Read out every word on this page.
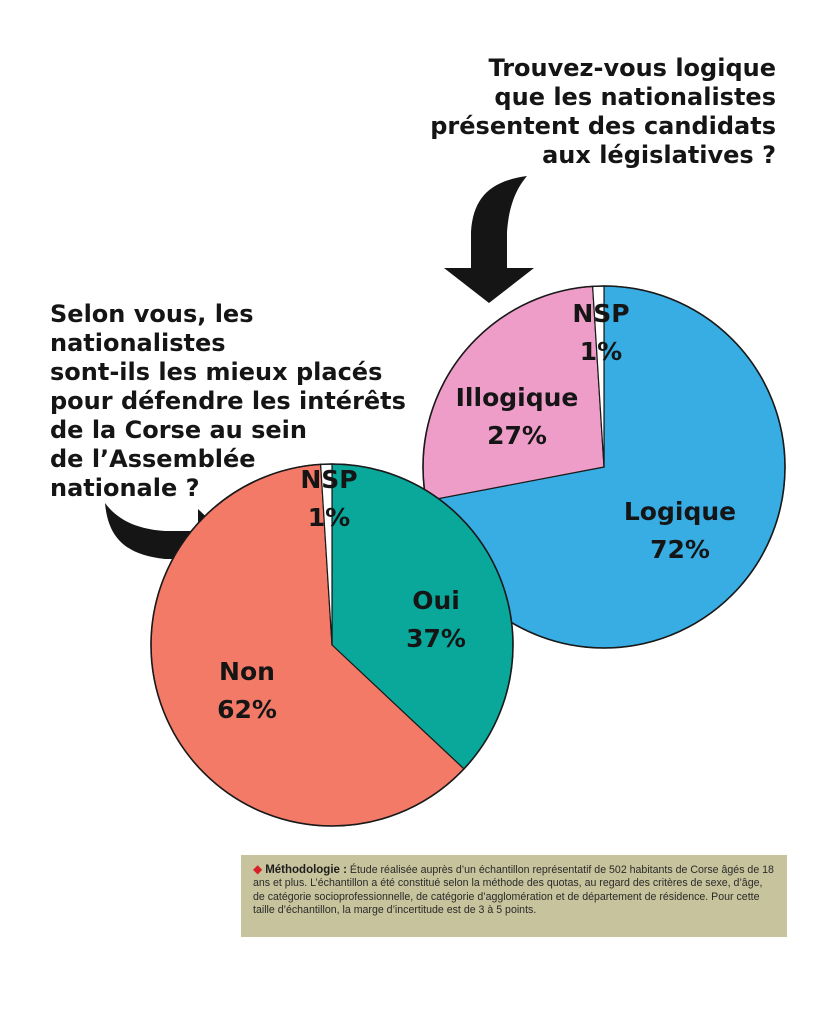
Logique
72%
Illogique
27%
NSP
1%
Oui
37%
Non
62%
NSP
1%
Trouvez-vous logique
que les nationalistes
présentent des candidats
aux législatives ?
Selon vous, les nationalistes
sont-ils les mieux placés
pour défendre les intérêts
de la Corse au sein
de l’Assemblée
nationale ?
◆ Méthodologie : Étude réalisée auprès d’un échantillon représentatif de 502 habitants de Corse âgés de 18 ans et plus. L’échantillon a été constitué selon la méthode des quotas, au regard des critères de sexe, d’âge, de catégorie socioprofessionnelle, de catégorie d’agglomération et de département de résidence. Pour cette taille d’échantillon, la marge d’incertitude est de 3 à 5 points.
